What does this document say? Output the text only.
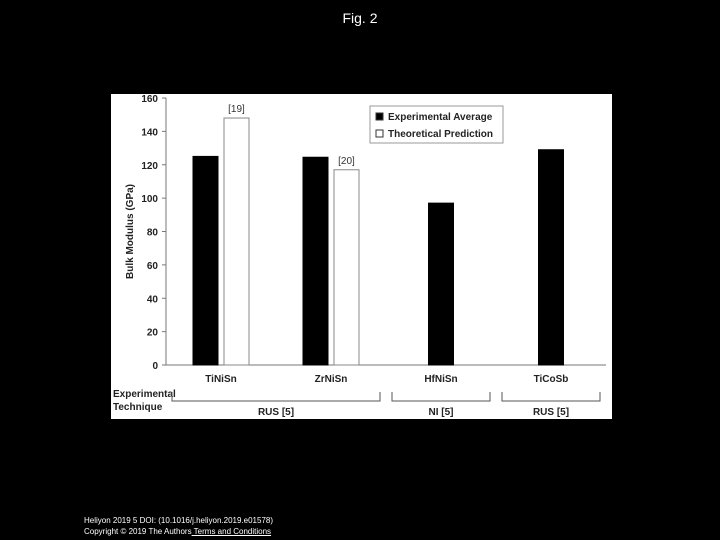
Fig. 2
0
20
40
60
80
100
120
140
160
Bulk Modulus (GPa)
[19]
TiNiSn
[20]
ZrNiSn	HfNiSn	TiCoSb
Experimental
Technique	RUS [5]	NI [5]	RUS [5]
Experimental Average
Theoretical Prediction
Heliyon 2019 5 DOI: (10.1016/j.heliyon.2019.e01578)
Copyright © 2019 The Authors Terms and Conditions
